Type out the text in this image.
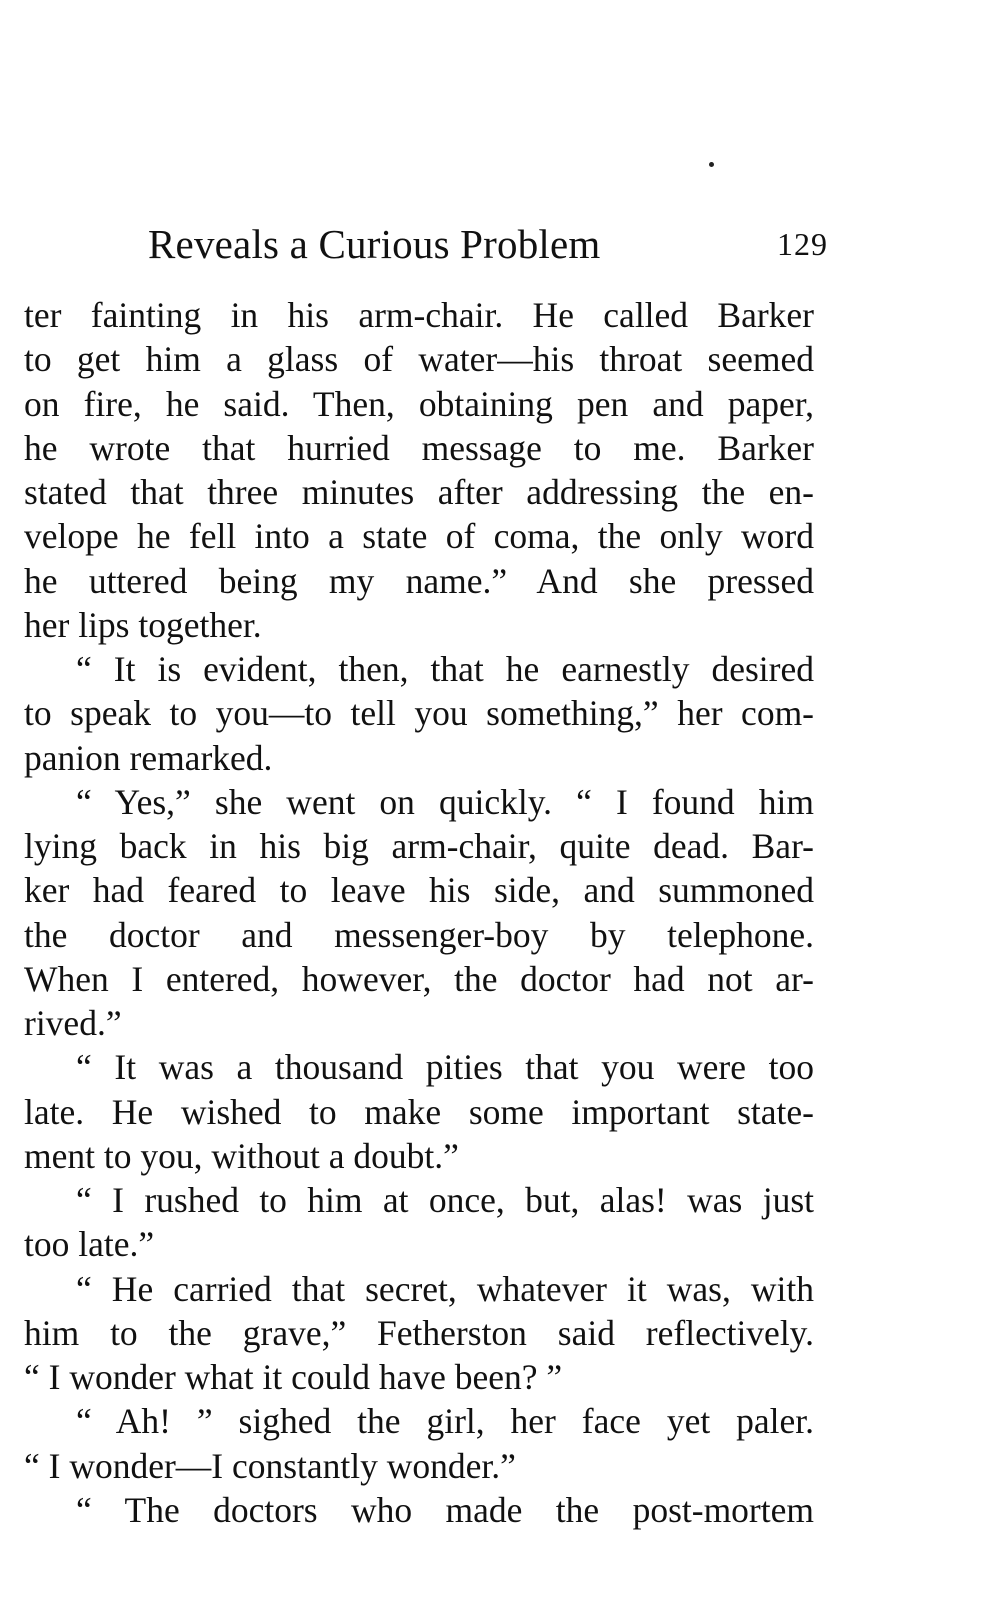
Reveals a Curious Problem	129
ter fainting in his arm-chair. He called Barker
to get him a glass of water—his throat seemed
on fire, he said. Then, obtaining pen and paper,
he wrote that hurried message to me. Barker
stated that three minutes after addressing the en-
velope he fell into a state of coma, the only word
he uttered being my name.” And she pressed
her lips together.
“ It is evident, then, that he earnestly desired
to speak to you—to tell you something,” her com-
panion remarked.
“ Yes,” she went on quickly. “ I found him
lying back in his big arm-chair, quite dead. Bar-
ker had feared to leave his side, and summoned
the doctor and messenger-boy by telephone.
When I entered, however, the doctor had not ar-
rived.”
“ It was a thousand pities that you were too
late. He wished to make some important state-
ment to you, without a doubt.”
“ I rushed to him at once, but, alas! was just
too late.”
“ He carried that secret, whatever it was, with
him to the grave,” Fetherston said reflectively.
“ I wonder what it could have been? ”
“ Ah! ” sighed the girl, her face yet paler.
“ I wonder—I constantly wonder.”
“ The doctors who made the post-mortem
